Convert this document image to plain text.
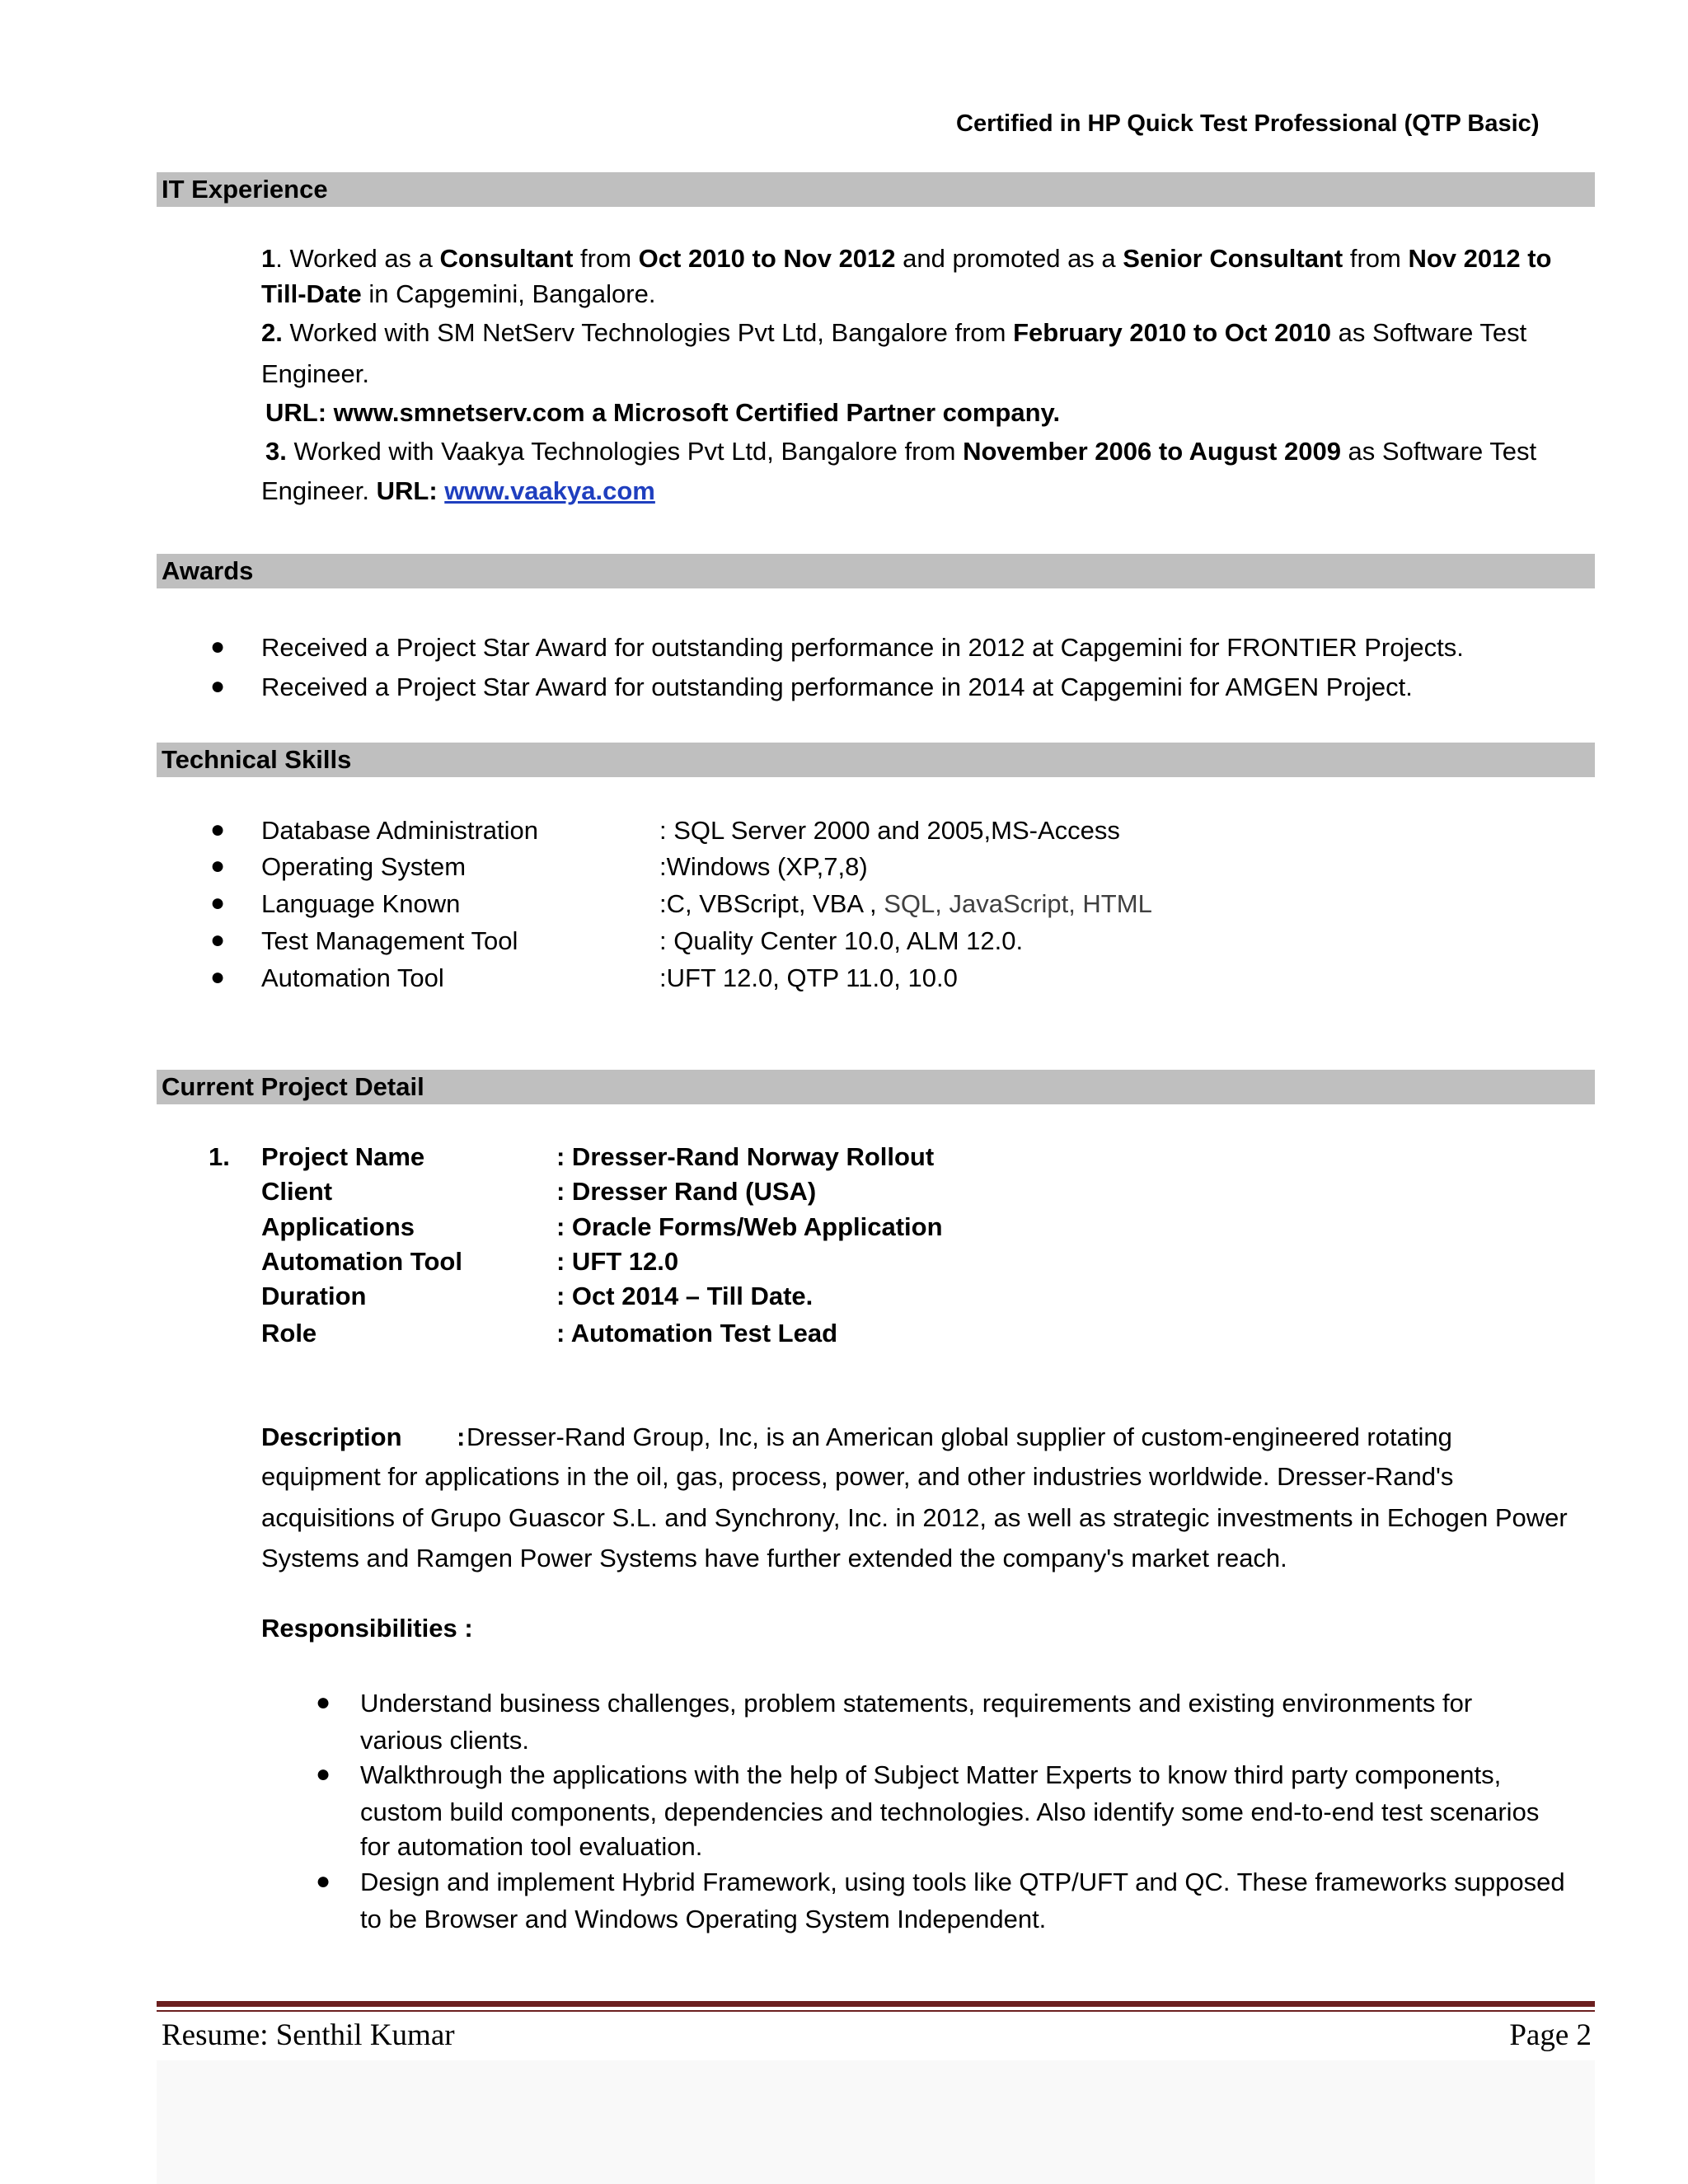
Certified in HP Quick Test Professional (QTP Basic)
IT Experience
1. Worked as a Consultant from Oct 2010 to Nov 2012 and promoted as a Senior Consultant from Nov 2012 to
Till-Date in Capgemini, Bangalore.
2. Worked with SM NetServ Technologies Pvt Ltd, Bangalore from February 2010 to Oct 2010 as Software Test
Engineer.
URL: www.smnetserv.com a Microsoft Certified Partner company.
3. Worked with Vaakya Technologies Pvt Ltd, Bangalore from November 2006 to August 2009 as Software Test
Engineer. URL: www.vaakya.com
Awards
● Received a Project Star Award for outstanding performance in 2012 at Capgemini for FRONTIER Projects.
● Received a Project Star Award for outstanding performance in 2014 at Capgemini for AMGEN Project.
Technical Skills
● Database Administration	: SQL Server 2000 and 2005,MS-Access
● Operating System	:Windows (XP,7,8)
● Language Known	:C, VBScript, VBA , SQL, JavaScript, HTML
● Test Management Tool	: Quality Center 10.0, ALM 12.0.
● Automation Tool	:UFT 12.0, QTP 11.0, 10.0
Current Project Detail
1. Project Name	: Dresser-Rand Norway Rollout
Client	: Dresser Rand (USA)
Applications	: Oracle Forms/Web Application
Automation Tool	: UFT 12.0
Duration	: Oct 2014 – Till Date.
Role	: Automation Test Lead
Description : Dresser-Rand Group, Inc, is an American global supplier of custom-engineered rotating
equipment for applications in the oil, gas, process, power, and other industries worldwide. Dresser-Rand's
acquisitions of Grupo Guascor S.L. and Synchrony, Inc. in 2012, as well as strategic investments in Echogen Power
Systems and Ramgen Power Systems have further extended the company's market reach.
Responsibilities :
● Understand business challenges, problem statements, requirements and existing environments for
various clients.
● Walkthrough the applications with the help of Subject Matter Experts to know third party components,
custom build components, dependencies and technologies. Also identify some end-to-end test scenarios
for automation tool evaluation.
● Design and implement Hybrid Framework, using tools like QTP/UFT and QC. These frameworks supposed
to be Browser and Windows Operating System Independent.
Resume: Senthil Kumar	Page 2
